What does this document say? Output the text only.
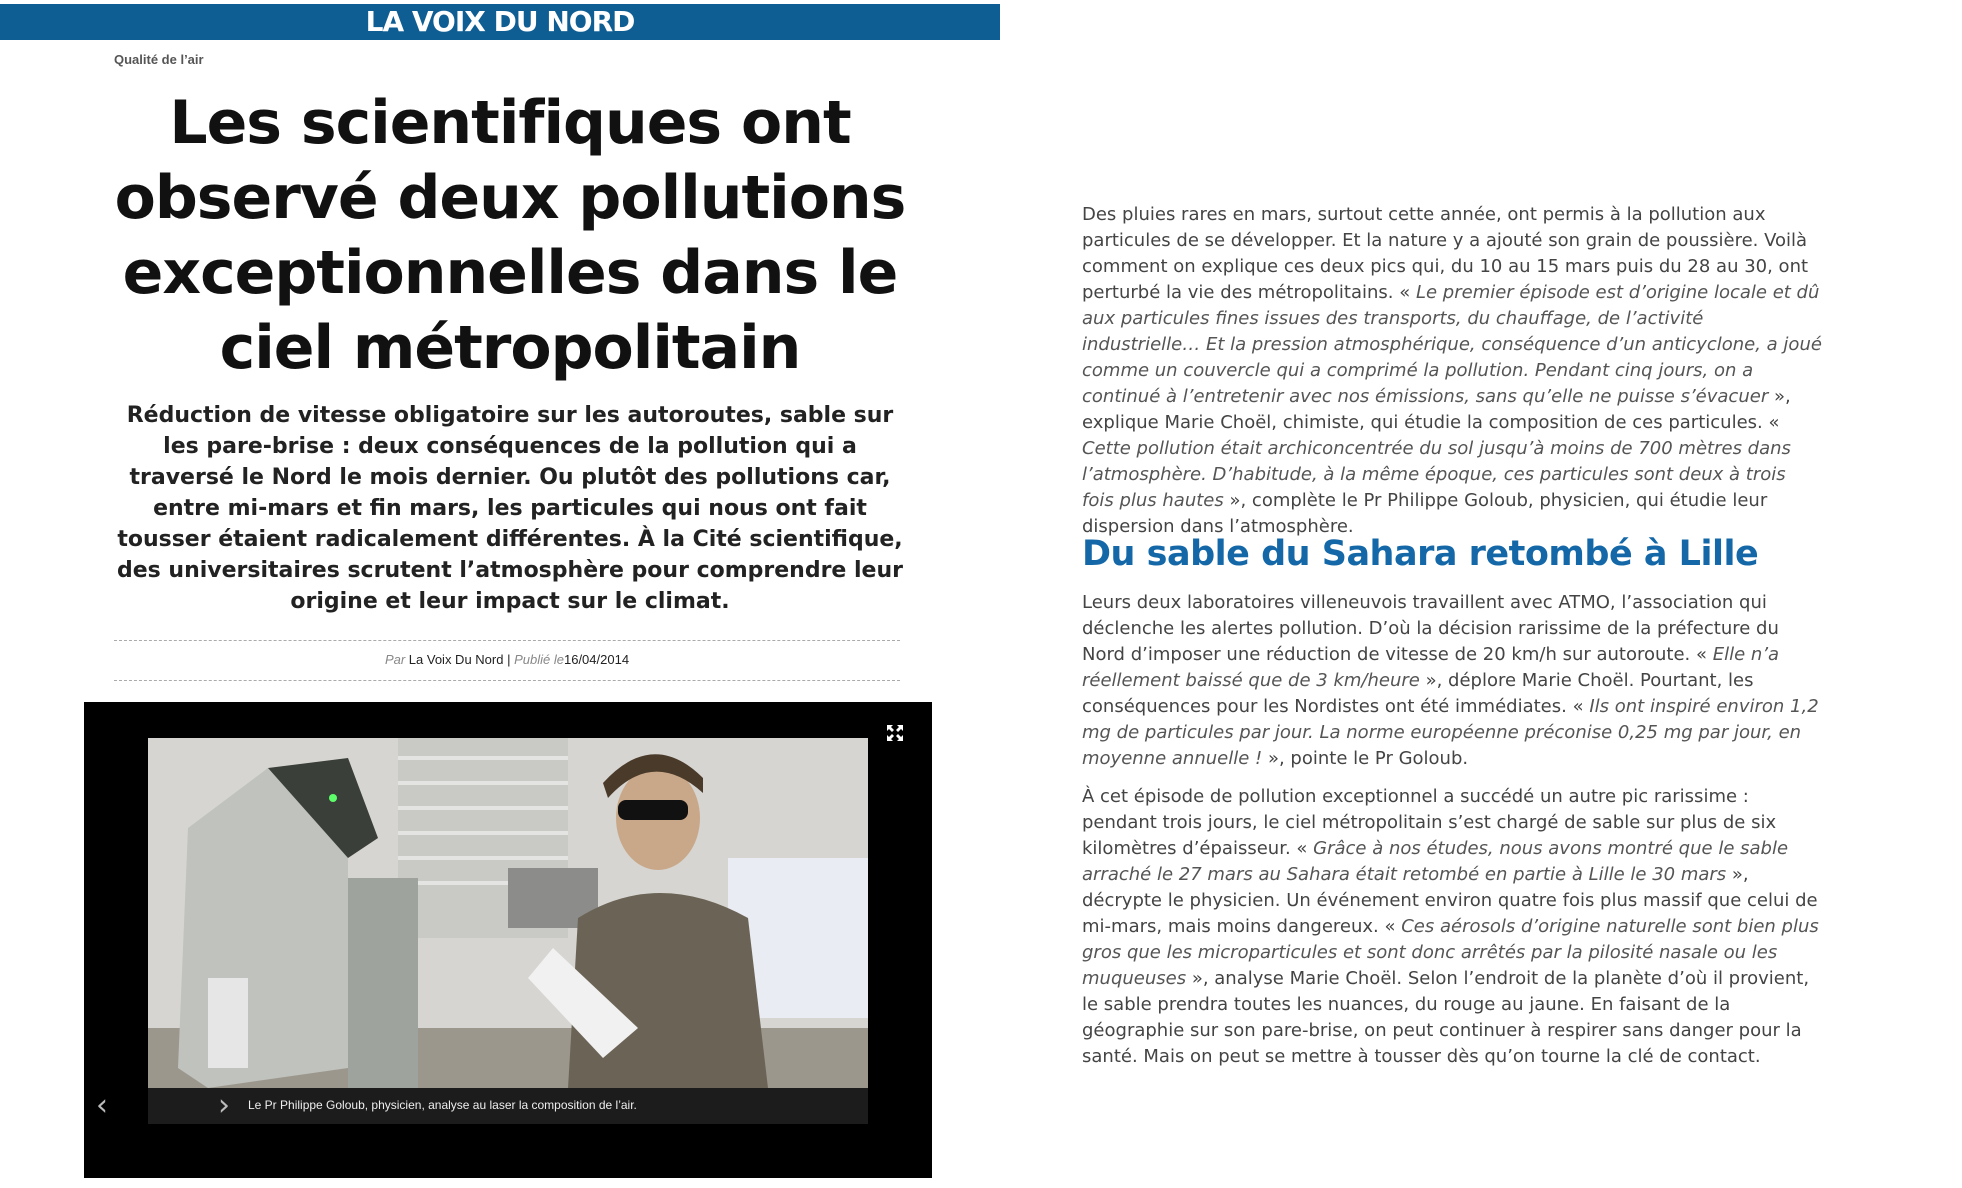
LA VOIX DU NORD
Qualité de l’air
Les scientifiques ont observé deux pollutions exceptionnelles dans le ciel métropolitain

Réduction de vitesse obligatoire sur les autoroutes, sable sur les pare-brise : deux conséquences de la pollution qui a traversé le Nord le mois dernier. Ou plutôt des pollutions car, entre mi-mars et fin mars, les particules qui nous ont fait tousser étaient radicalement différentes. À la Cité scientifique, des universitaires scrutent l’atmosphère pour comprendre leur origine et leur impact sur le climat.

Par La Voix Du Nord | Publié le16/04/2014
‹	› Le Pr Philippe Goloub, physicien, analyse au laser la composition de l’air.

Des pluies rares en mars, surtout cette année, ont permis à la pollution aux particules de se développer. Et la nature y a ajouté son grain de poussière. Voilà comment on explique ces deux pics qui, du 10 au 15 mars puis du 28 au 30, ont perturbé la vie des métropolitains. « Le premier épisode est d’origine locale et dû aux particules fines issues des transports, du chauffage, de l’activité industrielle… Et la pression atmosphérique, conséquence d’un anticyclone, a joué comme un couvercle qui a comprimé la pollution. Pendant cinq jours, on a continué à l’entretenir avec nos émissions, sans qu’elle ne puisse s’évacuer », explique Marie Choël, chimiste, qui étudie la composition de ces particules. « Cette pollution était archiconcentrée du sol jusqu’à moins de 700 mètres dans l’atmosphère. D’habitude, à la même époque, ces particules sont deux à trois fois plus hautes », complète le Pr Philippe Goloub, physicien, qui étudie leur dispersion dans l’atmosphère.

Du sable du Sahara retombé à Lille

Leurs deux laboratoires villeneuvois travaillent avec ATMO, l’association qui déclenche les alertes pollution. D’où la décision rarissime de la préfecture du Nord d’imposer une réduction de vitesse de 20 km/h sur autoroute. « Elle n’a réellement baissé que de 3 km/heure », déplore Marie Choël. Pourtant, les conséquences pour les Nordistes ont été immédiates. « Ils ont inspiré environ 1,2 mg de particules par jour. La norme européenne préconise 0,25 mg par jour, en moyenne annuelle ! », pointe le Pr Goloub.

À cet épisode de pollution exceptionnel a succédé un autre pic rarissime : pendant trois jours, le ciel métropolitain s’est chargé de sable sur plus de six kilomètres d’épaisseur. « Grâce à nos études, nous avons montré que le sable arraché le 27 mars au Sahara était retombé en partie à Lille le 30 mars », décrypte le physicien. Un événement environ quatre fois plus massif que celui de mi-mars, mais moins dangereux. « Ces aérosols d’origine naturelle sont bien plus gros que les microparticules et sont donc arrêtés par la pilosité nasale ou les muqueuses », analyse Marie Choël. Selon l’endroit de la planète d’où il provient, le sable prendra toutes les nuances, du rouge au jaune. En faisant de la géographie sur son pare-brise, on peut continuer à respirer sans danger pour la santé. Mais on peut se mettre à tousser dès qu’on tourne la clé de contact.
